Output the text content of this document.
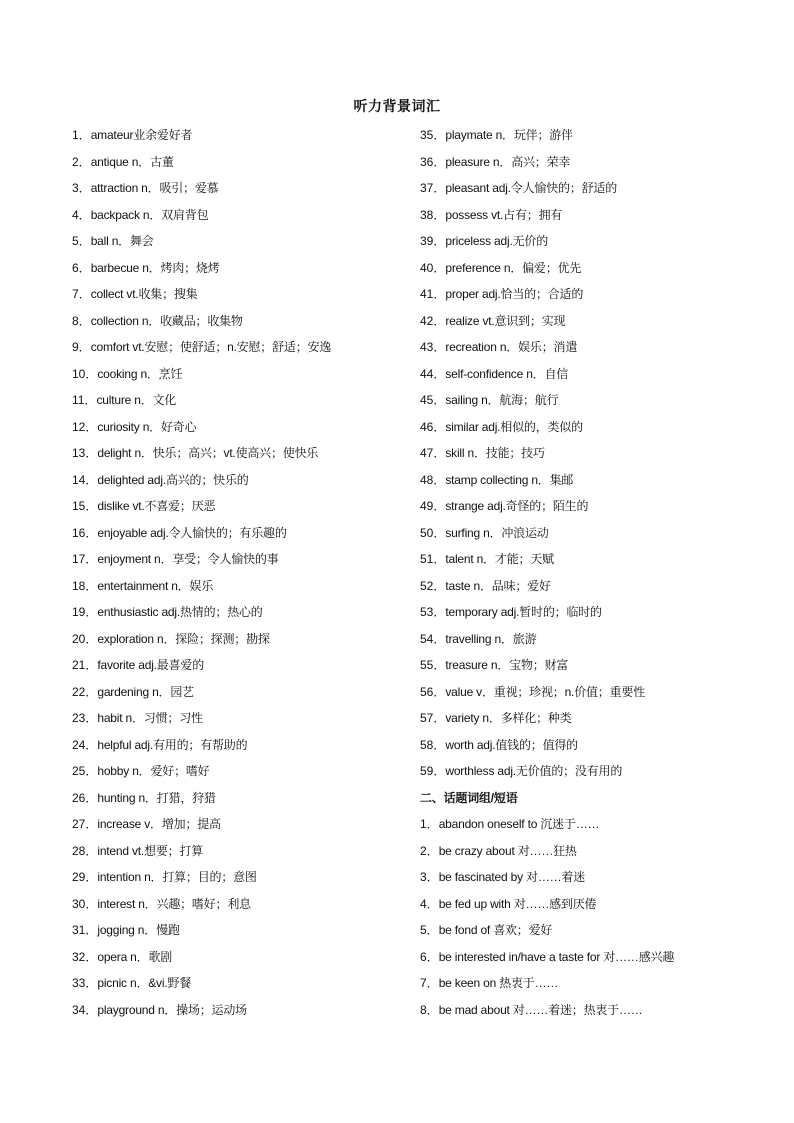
听力背景词汇
1．amateur业余爱好者
2．antique n．古董
3．attraction n．吸引；爱慕
4．backpack n．双肩背包
5．ball n．舞会
6．barbecue n．烤肉；烧烤
7．collect vt.收集；搜集
8．collection n．收藏品；收集物
9．comfort vt.安慰；使舒适；n.安慰；舒适；安逸
10．cooking n．烹饪
11．culture n．文化
12．curiosity n．好奇心
13．delight n．快乐；高兴；vt.使高兴；使快乐
14．delighted adj.高兴的；快乐的
15．dislike vt.不喜爱；厌恶
16．enjoyable adj.令人愉快的；有乐趣的
17．enjoyment n．享受；令人愉快的事
18．entertainment n．娱乐
19．enthusiastic adj.热情的；热心的
20．exploration n．探险；探测；勘探
21．favorite adj.最喜爱的
22．gardening n．园艺
23．habit n．习惯；习性
24．helpful adj.有用的；有帮助的
25．hobby n．爱好；嗜好
26．hunting n．打猎，狩猎
27．increase v．增加；提高
28．intend vt.想要；打算
29．intention n．打算；目的；意图
30．interest n．兴趣；嗜好；利息
31．jogging n．慢跑
32．opera n．歌剧
33．picnic n．&vi.野餐
34．playground n．操场；运动场
35．playmate n．玩伴；游伴
36．pleasure n．高兴；荣幸
37．pleasant adj.令人愉快的；舒适的
38．possess vt.占有；拥有
39．priceless adj.无价的
40．preference n．偏爱；优先
41．proper adj.恰当的；合适的
42．realize vt.意识到；实现
43．recreation n．娱乐；消遣
44．self-confidence n．自信
45．sailing n．航海；航行
46．similar adj.相似的，类似的
47．skill n．技能；技巧
48．stamp collecting n．集邮
49．strange adj.奇怪的；陌生的
50．surfing n．冲浪运动
51．talent n．才能；天赋
52．taste n．品味；爱好
53．temporary adj.暂时的；临时的
54．travelling n．旅游
55．treasure n．宝物；财富
56．value v．重视；珍视；n.价值；重要性
57．variety n．多样化；种类
58．worth adj.值钱的；值得的
59．worthless adj.无价值的；没有用的
二、话题词组/短语
1．abandon oneself to 沉迷于……
2．be crazy about 对……狂热
3．be fascinated by 对……着迷
4．be fed up with 对……感到厌倦
5．be fond of 喜欢；爱好
6．be interested in/have a taste for 对……感兴趣
7．be keen on 热衷于……
8．be mad about 对……着迷；热衷于……
